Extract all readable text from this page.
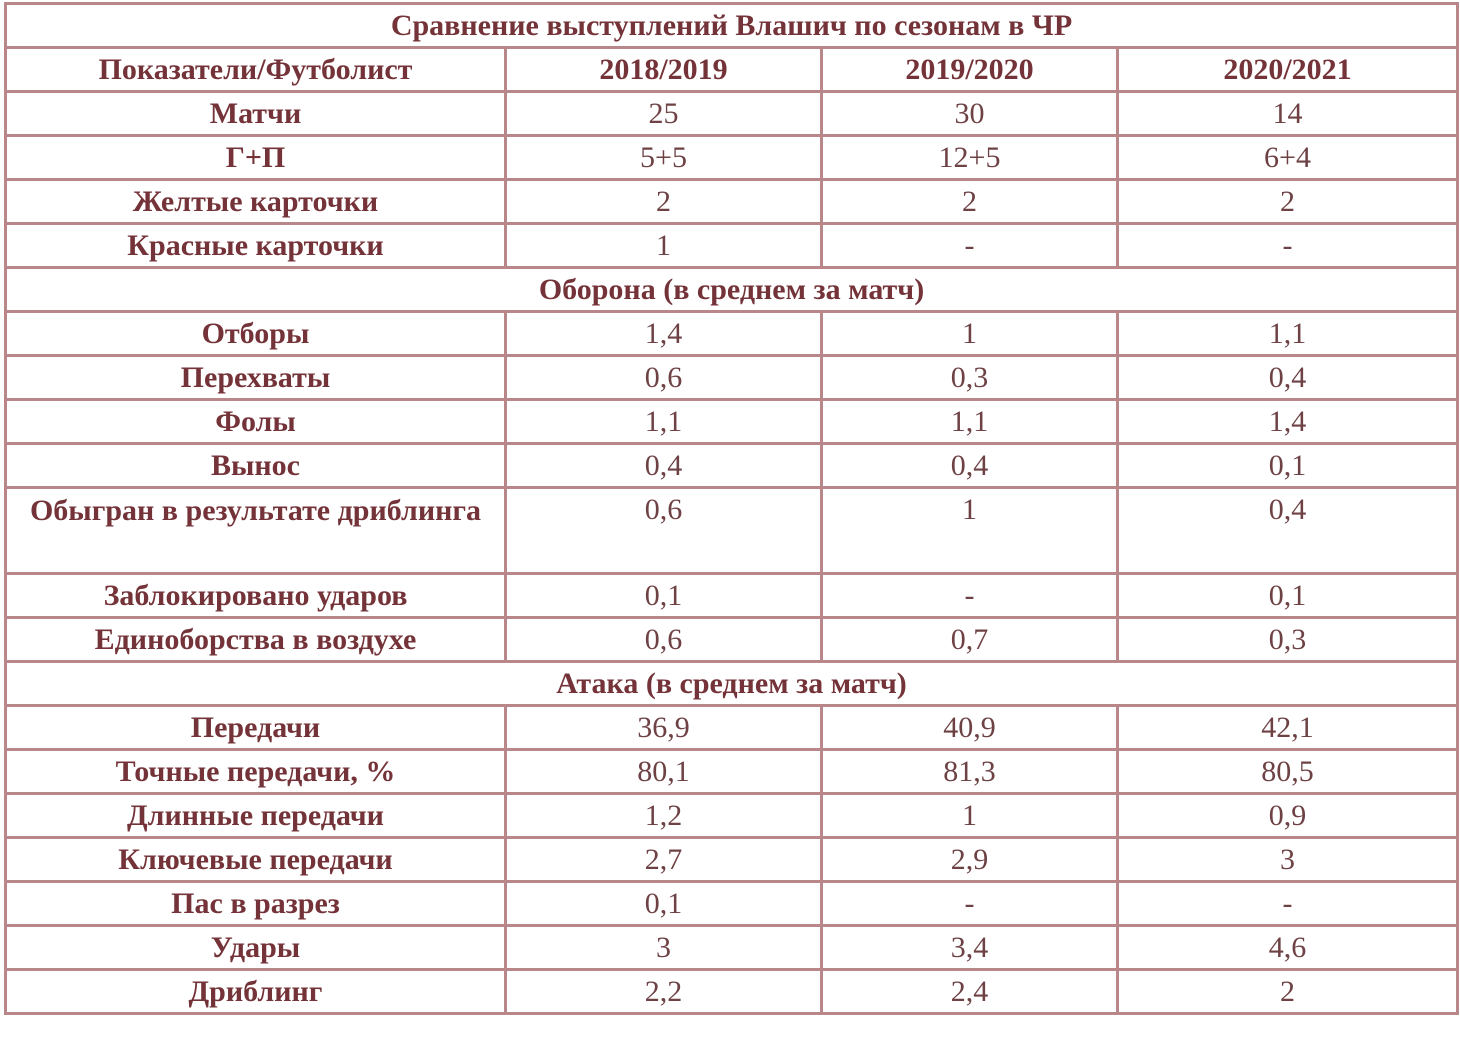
Сравнение выступлений Влашич по сезонам в ЧР			
Показатели/Футболист	2018/2019	2019/2020	2020/2021
Матчи	25	30	14
Г+П	5+5	12+5	6+4
Желтые карточки	2	2	2
Красные карточки	1	-	-
Оборона (в среднем за матч)			
Отборы	1,4	1	1,1
Перехваты	0,6	0,3	0,4
Фолы	1,1	1,1	1,4
Вынос	0,4	0,4	0,1
Обыгран в результате дриблинга	0,6	1	0,4
Заблокировано ударов	0,1	-	0,1
Единоборства в воздухе	0,6	0,7	0,3
Атака (в среднем за матч)			
Передачи	36,9	40,9	42,1
Точные передачи, %	80,1	81,3	80,5
Длинные передачи	1,2	1	0,9
Ключевые передачи	2,7	2,9	3
Пас в разрез	0,1	-	-
Удары	3	3,4	4,6
Дриблинг	2,2	2,4	2
